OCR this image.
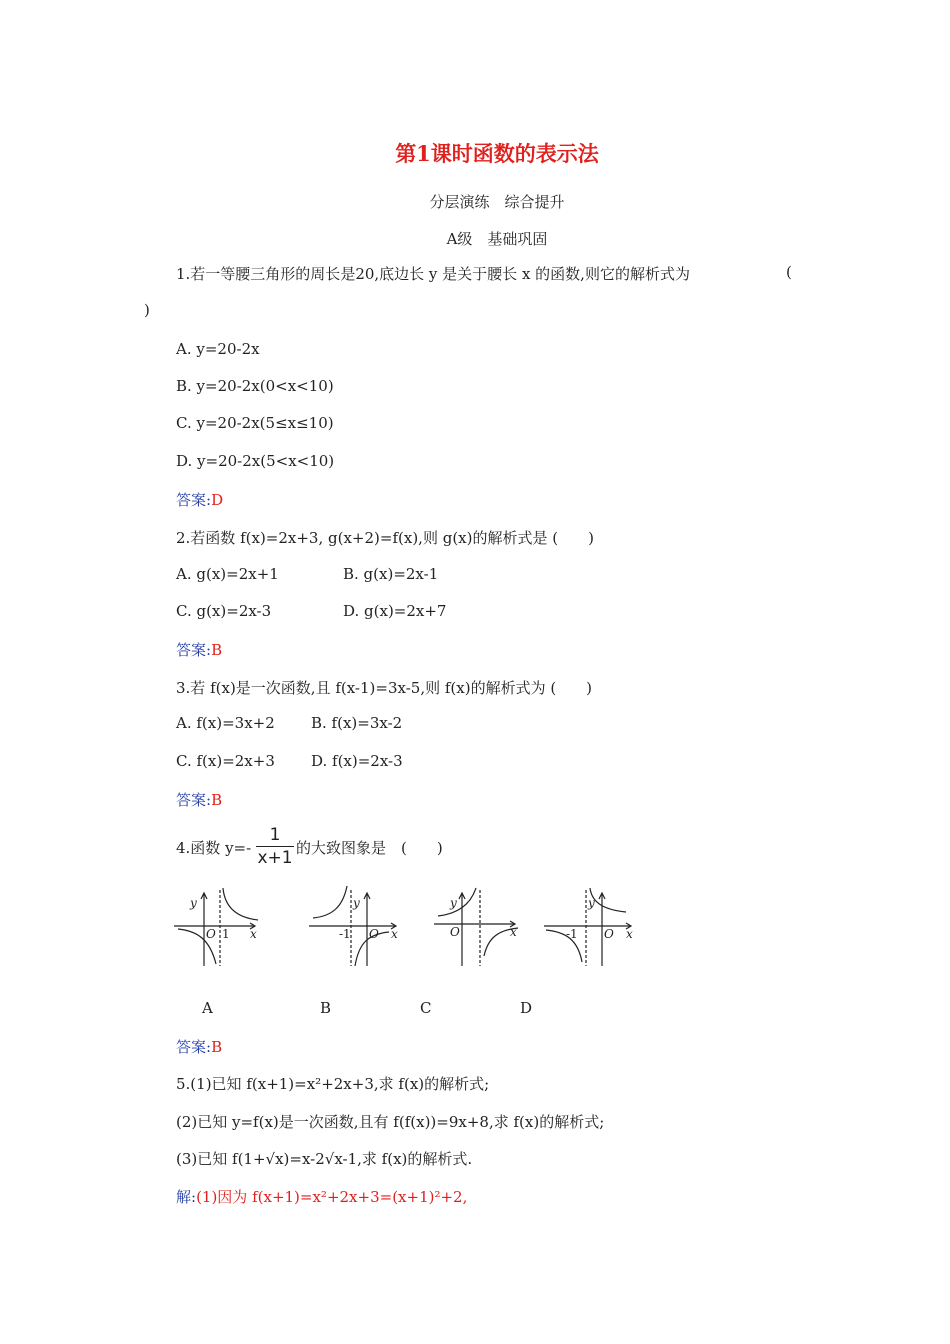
第1课时函数的表示法
分层演练　综合提升
A级　基础巩固
1.若一等腰三角形的周长是20,底边长 y 是关于腰长 x 的函数,则它的解析式为	(
)
A. y=20-2x
B. y=20-2x(0<x<10)
C. y=20-2x(5≤x≤10)
D. y=20-2x(5<x<10)
答案:D
2.若函数 f(x)=2x+3, g(x+2)=f(x),则 g(x)的解析式是 (　　)
A. g(x)=2x+1	B. g(x)=2x-1
C. g(x)=2x-3	D. g(x)=2x+7
答案:B
3.若 f(x)是一次函数,且 f(x-1)=3x-5,则 f(x)的解析式为 (　　)
A. f(x)=3x+2 B. f(x)=3x-2
C. f(x)=2x+3 D. f(x)=2x-3
答案:B
4.函数 y=-
1
x+1 的大致图象是　(　　)
y
x
O 1
y
x
O
-1
y
x
O
y
x
O
-1
A	B	C	D
答案:B
5.(1)已知 f(x+1)=x²+2x+3,求 f(x)的解析式;
(2)已知 y=f(x)是一次函数,且有 f(f(x))=9x+8,求 f(x)的解析式;
(3)已知 f(1+√x)=x-2√x-1,求 f(x)的解析式.
解:(1)因为 f(x+1)=x²+2x+3=(x+1)²+2,
